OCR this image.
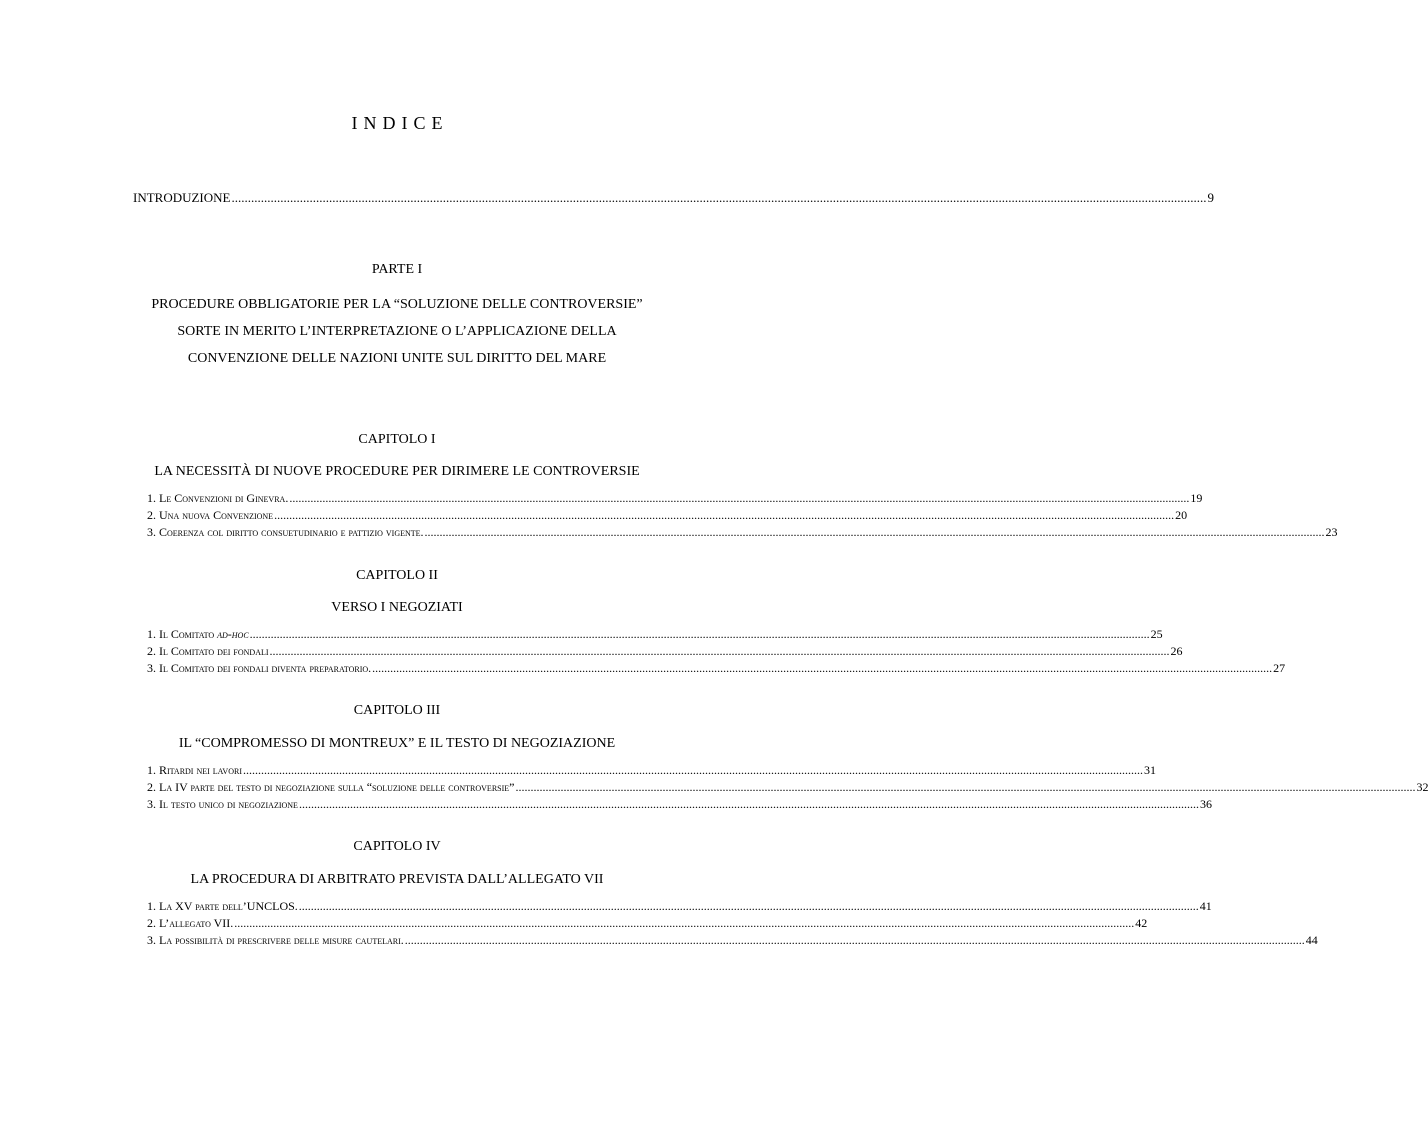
INDICE
INTRODUZIONE ............................................................................................................................................................................................................................................................................................................ 9
PARTE I
PROCEDURE OBBLIGATORIE PER LA “SOLUZIONE DELLE CONTROVERSIE”
SORTE IN MERITO L’INTERPRETAZIONE O L’APPLICAZIONE DELLA
CONVENZIONE DELLE NAZIONI UNITE SUL DIRITTO DEL MARE
CAPITOLO I
LA NECESSITÀ DI NUOVE PROCEDURE PER DIRIMERE LE CONTROVERSIE
1. Le Convenzioni di Ginevra. ............................................................................................................................................................................................................................................................................................................ 19
2. Una nuova Convenzione ............................................................................................................................................................................................................................................................................................................ 20
3. Coerenza col diritto consuetudinario e pattizio vigente. ............................................................................................................................................................................................................................................................................................................ 23
CAPITOLO II
VERSO I NEGOZIATI
1. Il Comitato ad-hoc ............................................................................................................................................................................................................................................................................................................ 25
2. Il Comitato dei fondali ............................................................................................................................................................................................................................................................................................................ 26
3. Il Comitato dei fondali diventa preparatorio. ............................................................................................................................................................................................................................................................................................................ 27
CAPITOLO III
IL “COMPROMESSO DI MONTREUX” E IL TESTO DI NEGOZIAZIONE
1. Ritardi nei lavori ............................................................................................................................................................................................................................................................................................................ 31
2. La IV parte del testo di negoziazione sulla “soluzione delle controversie” ............................................................................................................................................................................................................................................................................................................ 32
3. Il testo unico di negoziazione ............................................................................................................................................................................................................................................................................................................ 36
CAPITOLO IV
LA PROCEDURA DI ARBITRATO PREVISTA DALL’ALLEGATO VII
1. La XV parte dell’UNCLOS. ............................................................................................................................................................................................................................................................................................................ 41
2. L’allegato VII. ............................................................................................................................................................................................................................................................................................................ 42
3. La possibilità di prescrivere delle misure cautelari. ............................................................................................................................................................................................................................................................................................................ 44
